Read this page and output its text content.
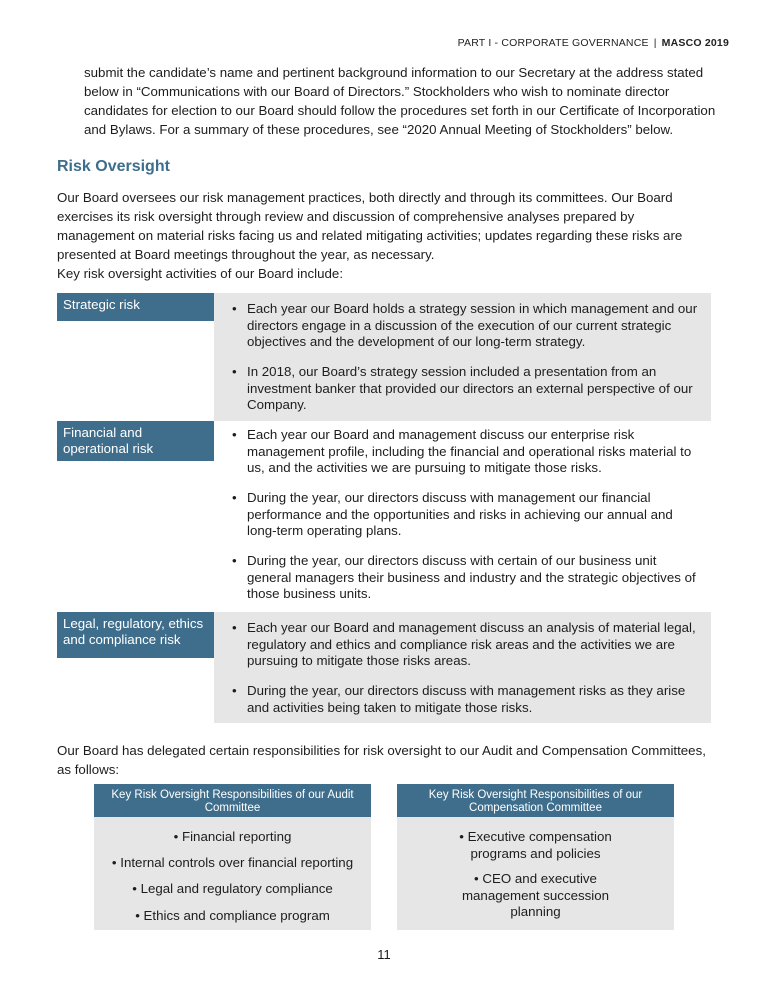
PART I - CORPORATE GOVERNANCE | MASCO 2019
submit the candidate’s name and pertinent background information to our Secretary at the address stated below in “Communications with our Board of Directors.” Stockholders who wish to nominate director candidates for election to our Board should follow the procedures set forth in our Certificate of Incorporation and Bylaws. For a summary of these procedures, see “2020 Annual Meeting of Stockholders” below.
Risk Oversight
Our Board oversees our risk management practices, both directly and through its committees. Our Board exercises its risk oversight through review and discussion of comprehensive analyses prepared by management on material risks facing us and related mitigating activities; updates regarding these risks are presented at Board meetings throughout the year, as necessary.
Key risk oversight activities of our Board include:
Strategic risk	• Each year our Board holds a strategy session in which management and our directors engage in a discussion of the execution of our current strategic objectives and the development of our long-term strategy.
• In 2018, our Board’s strategy session included a presentation from an investment banker that provided our directors an external perspective of our Company.
• Each year our Board and management discuss our enterprise risk management profile, including the financial and operational risks material to us, and the activities we are pursuing to mitigate those risks.
• During the year, our directors discuss with management our financial performance and the opportunities and risks in achieving our annual and long-term operating plans.
• During the year, our directors discuss with certain of our business unit general managers their business and industry and the strategic objectives of those business units.
Financial and operational risk
• Each year our Board and management discuss an analysis of material legal, regulatory and ethics and compliance risk areas and the activities we are pursuing to mitigate those risks areas.
• During the year, our directors discuss with management risks as they arise and activities being taken to mitigate those risks.
Legal, regulatory, ethics and compliance risk
Our Board has delegated certain responsibilities for risk oversight to our Audit and Compensation Committees, as follows:
Key Risk Oversight Responsibilities of our Audit Committee
• Financial reporting
• Internal controls over financial reporting
• Legal and regulatory compliance
• Ethics and compliance program
Key Risk Oversight Responsibilities of our Compensation Committee
• Executive compensation programs and policies
• CEO and executive management succession planning
11
